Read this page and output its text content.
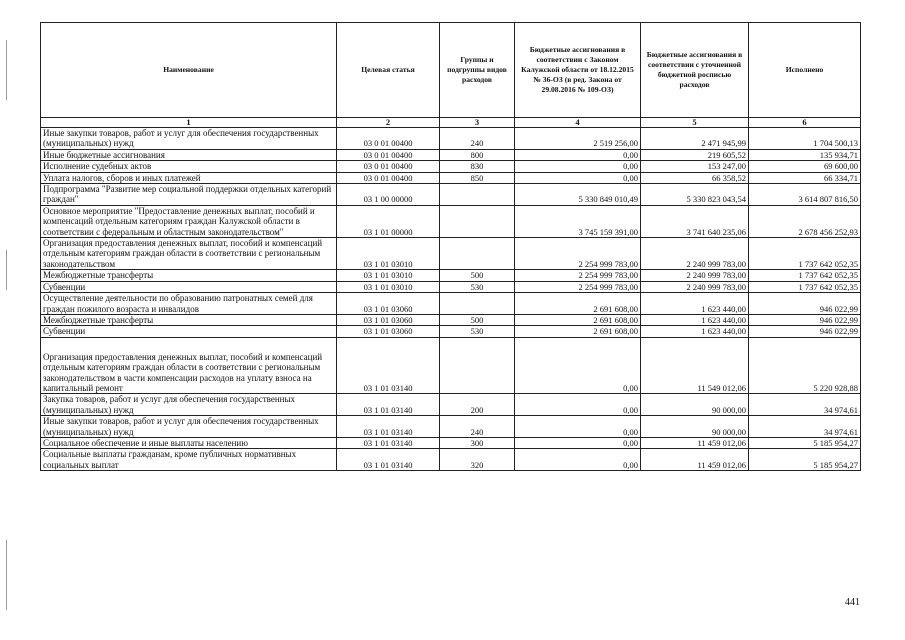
Наименование	Целевая статья	Группы и подгруппы видов расходов	Бюджетные ассигнования в соответствии с Законом Калужской области от 18.12.2015 № 36-ОЗ (в ред. Закона от 29.08.2016 № 109-ОЗ)	Бюджетные ассигнования в соответствии с уточненной бюджетной росписью расходов	Исполнено
1	2	3	4	5	6
Иные закупки товаров, работ и услуг для обеспечения государственных (муниципальных) нужд	03 0 01 00400	240	2 519 256,00	2 471 945,99	1 704 500,13
Иные бюджетные ассигнования	03 0 01 00400	800	0,00	219 605,52	135 934,71
Исполнение судебных актов	03 0 01 00400	830	0,00	153 247,00	69 600,00
Уплата налогов, сборов и иных платежей	03 0 01 00400	850	0,00	66 358,52	66 334,71
Подпрограмма "Развитие мер социальной поддержки отдельных категорий граждан"	03 1 00 00000		5 330 849 010,49	5 330 823 043,54	3 614 807 816,50
Основное мероприятие "Предоставление денежных выплат, пособий и компенсаций отдельным категориям граждан Калужской области в соответствии с федеральным и областным законодательством"	03 1 01 00000		3 745 159 391,00	3 741 640 235,06	2 678 456 252,93
Организация предоставления денежных выплат, пособий и компенсаций отдельным категориям граждан области в соответствии с региональным законодательством	03 1 01 03010		2 254 999 783,00	2 240 999 783,00	1 737 642 052,35
Межбюджетные трансферты	03 1 01 03010	500	2 254 999 783,00	2 240 999 783,00	1 737 642 052,35
Субвенции	03 1 01 03010	530	2 254 999 783,00	2 240 999 783,00	1 737 642 052,35
Осуществление деятельности по образованию патронатных семей для граждан пожилого возраста и инвалидов	03 1 01 03060		2 691 608,00	1 623 440,00	946 022,99
Межбюджетные трансферты	03 1 01 03060	500	2 691 608,00	1 623 440,00	946 022,99
Субвенции	03 1 01 03060	530	2 691 608,00	1 623 440,00	946 022,99
Организация предоставления денежных выплат, пособий и компенсаций отдельным категориям граждан области в соответствии с региональным законодательством в части компенсации расходов на уплату взноса на капитальный ремонт	03 1 01 03140		0,00	11 549 012,06	5 220 928,88
Закупка товаров, работ и услуг для обеспечения государственных (муниципальных) нужд	03 1 01 03140	200	0,00	90 000,00	34 974,61
Иные закупки товаров, работ и услуг для обеспечения государственных (муниципальных) нужд	03 1 01 03140	240	0,00	90 000,00	34 974,61
Социальное обеспечение и иные выплаты населению	03 1 01 03140	300	0,00	11 459 012,06	5 185 954,27
Социальные выплаты гражданам, кроме публичных нормативных социальных выплат	03 1 01 03140	320	0,00	11 459 012,06	5 185 954,27
441
